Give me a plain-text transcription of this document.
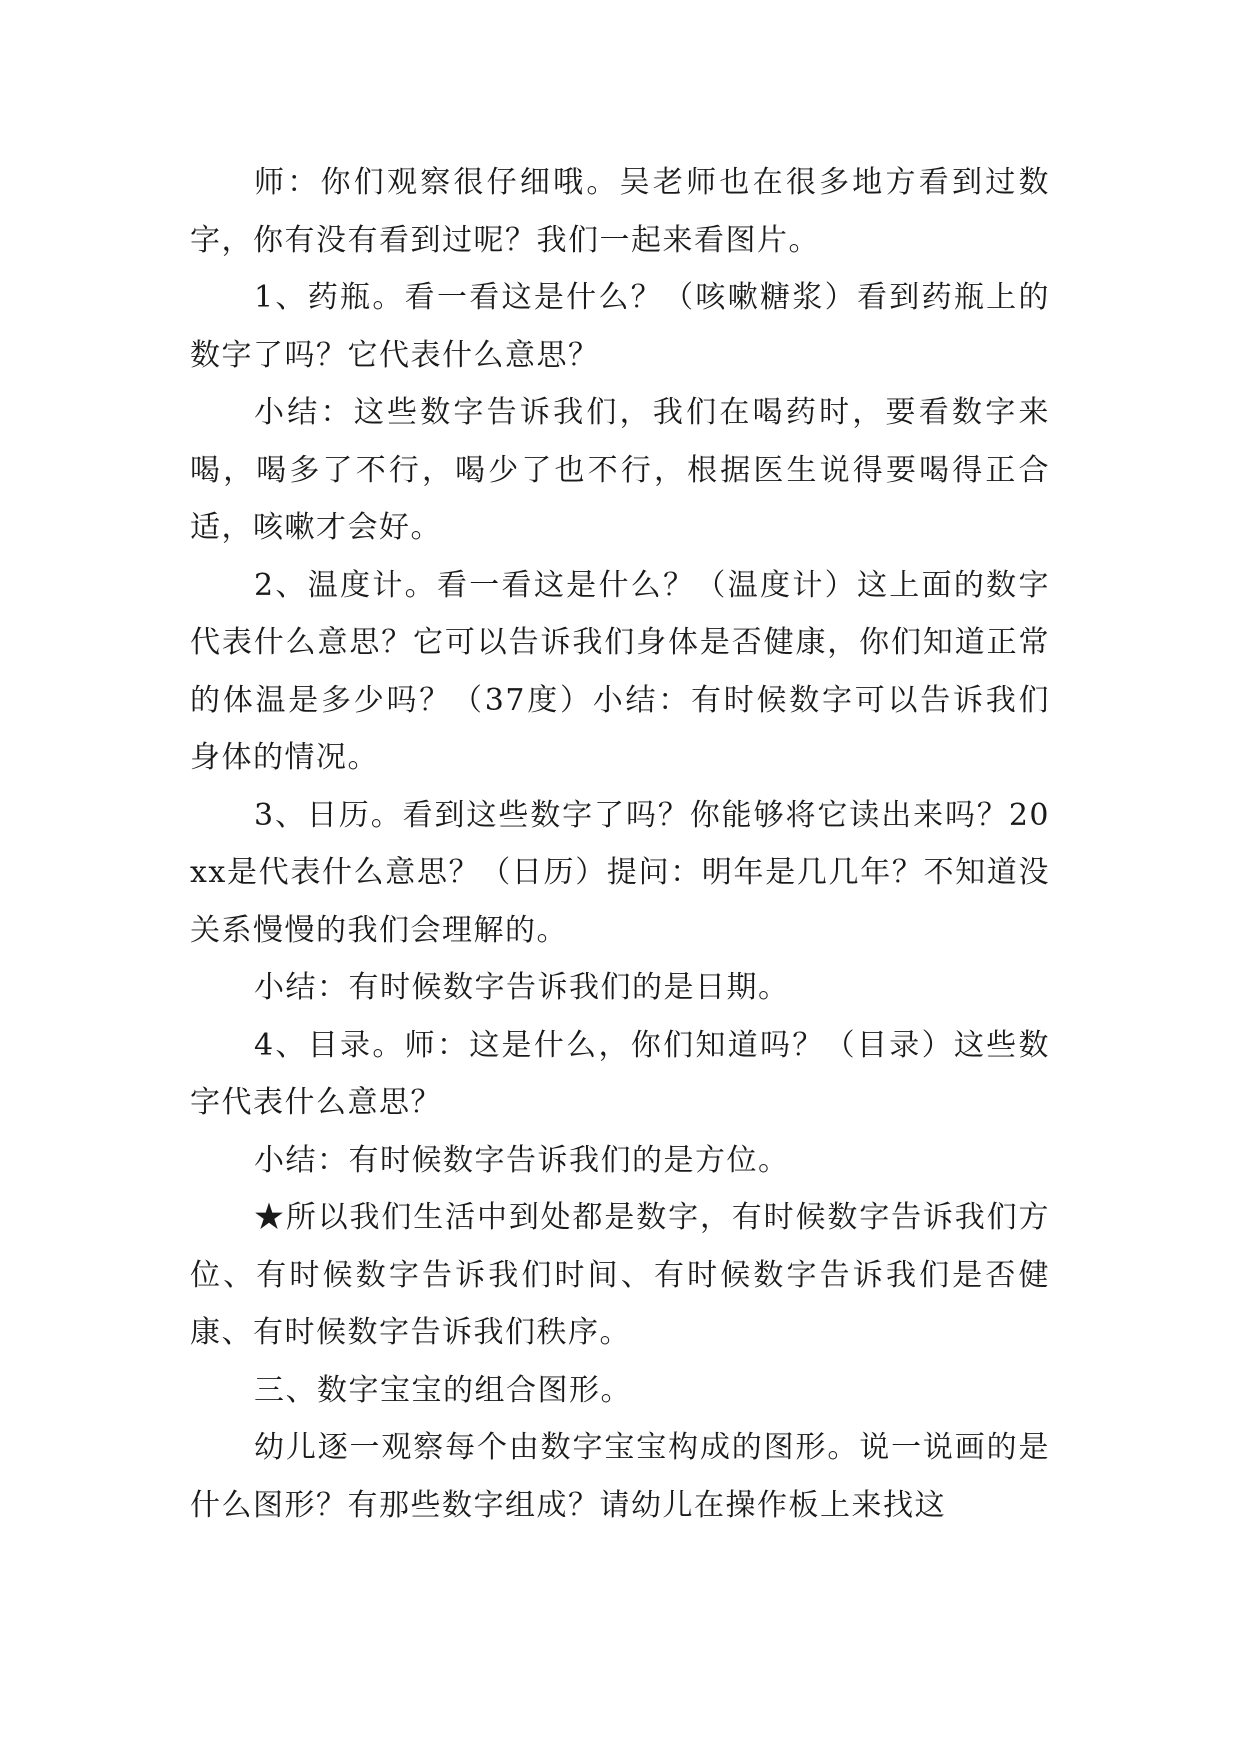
师：你们观察很仔细哦。吴老师也在很多地方看到过数字，你有没有看到过呢？我们一起来看图片。

1、药瓶。看一看这是什么？（咳嗽糖浆）看到药瓶上的数字了吗？它代表什么意思？

小结：这些数字告诉我们，我们在喝药时，要看数字来喝，喝多了不行，喝少了也不行，根据医生说得要喝得正合适，咳嗽才会好。

2、温度计。看一看这是什么？（温度计）这上面的数字代表什么意思？它可以告诉我们身体是否健康，你们知道正常的体温是多少吗？（37度）小结：有时候数字可以告诉我们身体的情况。

3、日历。看到这些数字了吗？你能够将它读出来吗？20xx是代表什么意思？（日历）提问：明年是几几年？不知道没关系慢慢的我们会理解的。

小结：有时候数字告诉我们的是日期。

4、目录。师：这是什么，你们知道吗？（目录）这些数字代表什么意思？

小结：有时候数字告诉我们的是方位。

★所以我们生活中到处都是数字，有时候数字告诉我们方位、有时候数字告诉我们时间、有时候数字告诉我们是否健康、有时候数字告诉我们秩序。

三、数字宝宝的组合图形。

幼儿逐一观察每个由数字宝宝构成的图形。说一说画的是什么图形？有那些数字组成？请幼儿在操作板上来找这
